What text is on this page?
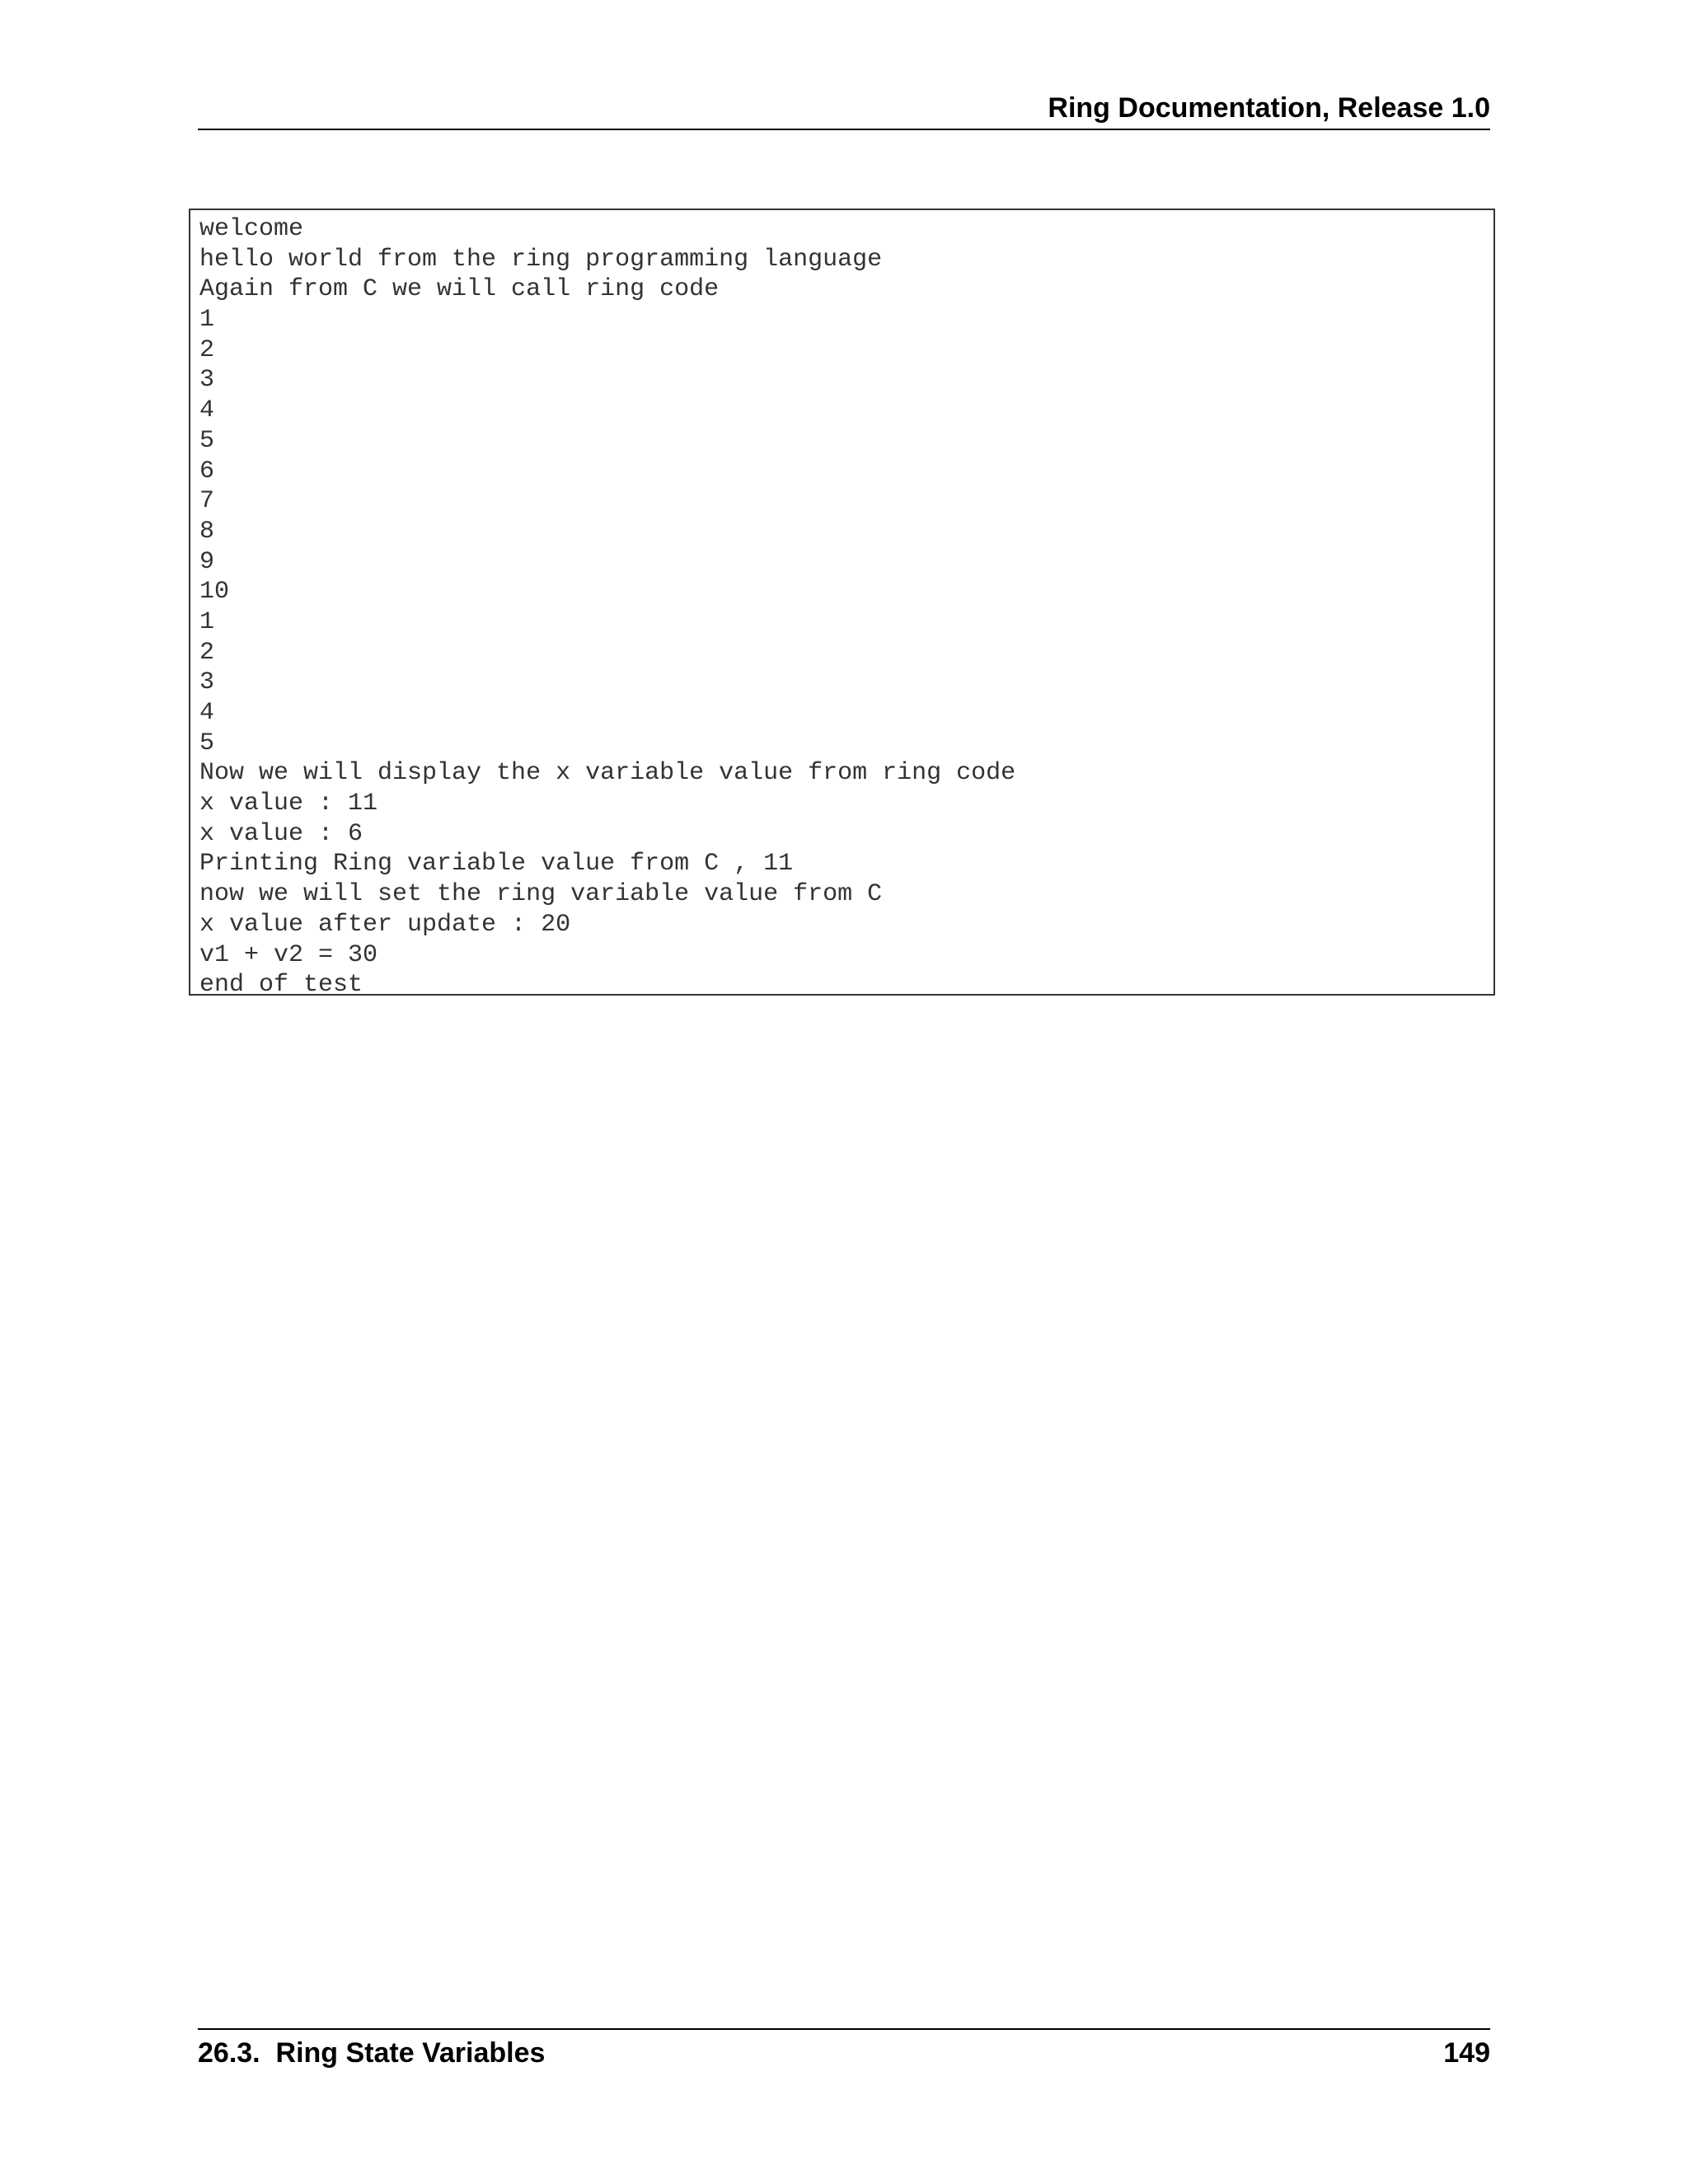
Ring Documentation, Release 1.0
welcome
hello world from the ring programming language
Again from C we will call ring code
1
2
3
4
5
6
7
8
9
10
1
2
3
4
5
Now we will display the x variable value from ring code
x value : 11
x value : 6
Printing Ring variable value from C , 11
now we will set the ring variable value from C
x value after update : 20
v1 + v2 = 30
end of test
26.3.  Ring State Variables	149
